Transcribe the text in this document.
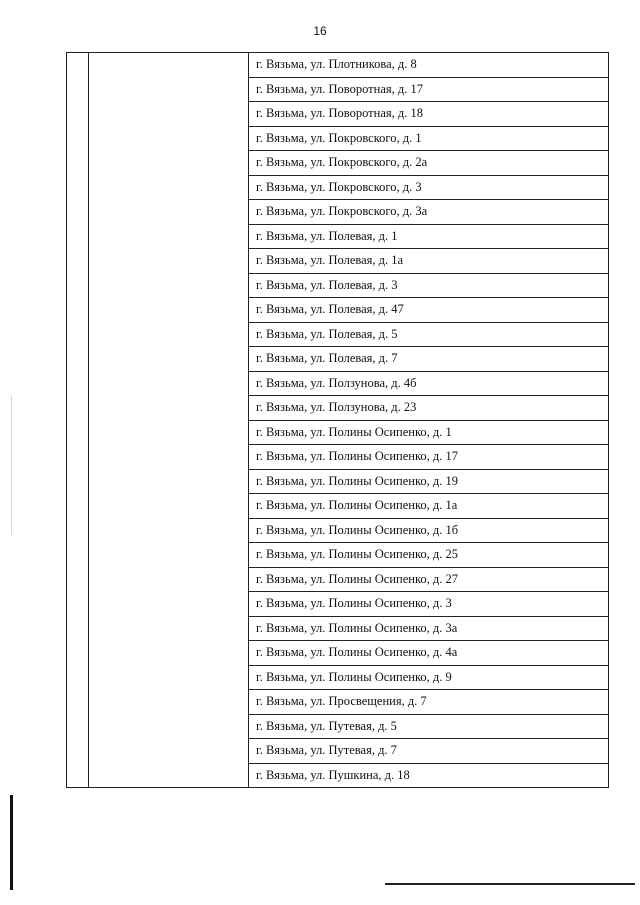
16
		г. Вязьма, ул. Плотникова, д. 8
г. Вязьма, ул. Поворотная, д. 17
г. Вязьма, ул. Поворотная, д. 18
г. Вязьма, ул. Покровского, д. 1
г. Вязьма, ул. Покровского, д. 2а
г. Вязьма, ул. Покровского, д. 3
г. Вязьма, ул. Покровского, д. 3а
г. Вязьма, ул. Полевая, д. 1
г. Вязьма, ул. Полевая, д. 1а
г. Вязьма, ул. Полевая, д. 3
г. Вязьма, ул. Полевая, д. 47
г. Вязьма, ул. Полевая, д. 5
г. Вязьма, ул. Полевая, д. 7
г. Вязьма, ул. Ползунова, д. 4б
г. Вязьма, ул. Ползунова, д. 23
г. Вязьма, ул. Полины Осипенко, д. 1
г. Вязьма, ул. Полины Осипенко, д. 17
г. Вязьма, ул. Полины Осипенко, д. 19
г. Вязьма, ул. Полины Осипенко, д. 1а
г. Вязьма, ул. Полины Осипенко, д. 1б
г. Вязьма, ул. Полины Осипенко, д. 25
г. Вязьма, ул. Полины Осипенко, д. 27
г. Вязьма, ул. Полины Осипенко, д. 3
г. Вязьма, ул. Полины Осипенко, д. 3а
г. Вязьма, ул. Полины Осипенко, д. 4а
г. Вязьма, ул. Полины Осипенко, д. 9
г. Вязьма, ул. Просвещения, д. 7
г. Вязьма, ул. Путевая, д. 5
г. Вязьма, ул. Путевая, д. 7
г. Вязьма, ул. Пушкина, д. 18
